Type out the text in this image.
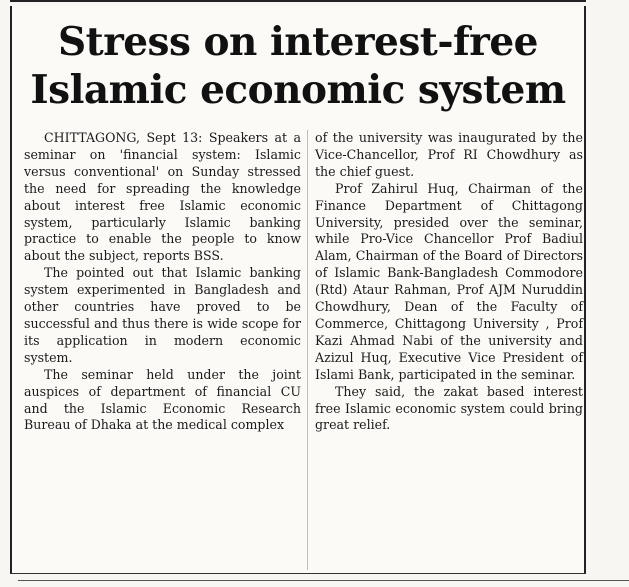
Stress on interest-free
Islamic economic system

CHITTAGONG, Sept 13: Speakers at a seminar on 'financial system: Islamic versus conventional' on Sunday stressed the need for spreading the knowledge about interest free Islamic economic system, particularly Islamic banking practice to enable the people to know about the subject, reports BSS.

The pointed out that Islamic banking system experimented in Bangladesh and other countries have proved to be successful and thus there is wide scope for its application in modern economic system.

The seminar held under the joint auspices of department of financial CU and the Islamic Economic Research Bureau of Dhaka at the medical complex

of the university was inaugurated by the Vice-Chancellor, Prof RI Chowdhury as the chief guest.

Prof Zahirul Huq, Chairman of the Finance Department of Chittagong University, presided over the seminar, while Pro-Vice Chancellor Prof Badiul Alam, Chairman of the Board of Directors of Islamic Bank-Bangladesh Commodore (Rtd) Ataur Rahman, Prof AJM Nuruddin Chowdhury, Dean of the Faculty of Commerce, Chittagong University , Prof Kazi Ahmad Nabi of the university and Azizul Huq, Executive Vice President of Islami Bank, participated in the seminar.

They said, the zakat based interest free Islamic economic system could bring great relief.
